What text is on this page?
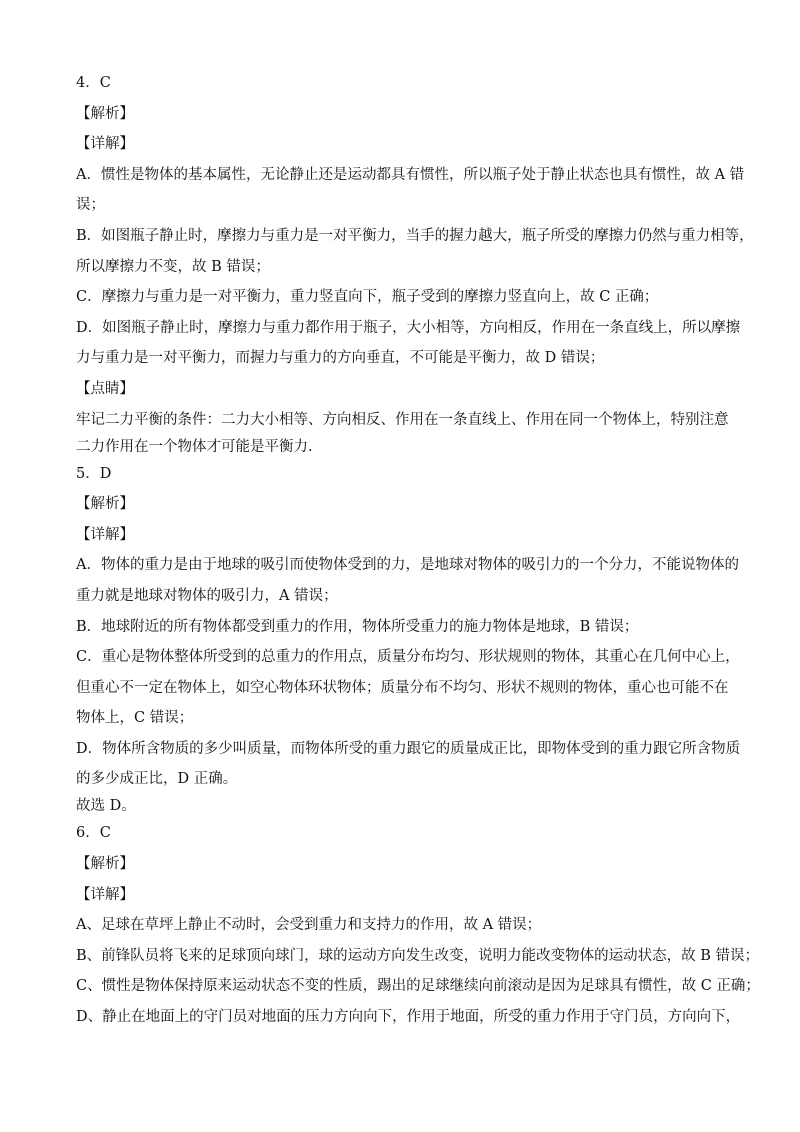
4．C
【解析】
【详解】
A．惯性是物体的基本属性，无论静止还是运动都具有惯性，所以瓶子处于静止状态也具有惯性，故 A 错
误；
B．如图瓶子静止时，摩擦力与重力是一对平衡力，当手的握力越大，瓶子所受的摩擦力仍然与重力相等，
所以摩擦力不变，故 B 错误；
C．摩擦力与重力是一对平衡力，重力竖直向下，瓶子受到的摩擦力竖直向上，故 C 正确；
D．如图瓶子静止时，摩擦力与重力都作用于瓶子，大小相等，方向相反，作用在一条直线上，所以摩擦
力与重力是一对平衡力，而握力与重力的方向垂直，不可能是平衡力，故 D 错误；
【点睛】
牢记二力平衡的条件：二力大小相等、方向相反、作用在一条直线上、作用在同一个物体上，特别注意
二力作用在一个物体才可能是平衡力.
5．D
【解析】
【详解】
A．物体的重力是由于地球的吸引而使物体受到的力，是地球对物体的吸引力的一个分力，不能说物体的
重力就是地球对物体的吸引力，A 错误；
B．地球附近的所有物体都受到重力的作用，物体所受重力的施力物体是地球，B 错误；
C．重心是物体整体所受到的总重力的作用点，质量分布均匀、形状规则的物体，其重心在几何中心上，
但重心不一定在物体上，如空心物体环状物体；质量分布不均匀、形状不规则的物体，重心也可能不在
物体上，C 错误；
D．物体所含物质的多少叫质量，而物体所受的重力跟它的质量成正比，即物体受到的重力跟它所含物质
的多少成正比，D 正确。
故选 D。
6．C
【解析】
【详解】
A、足球在草坪上静止不动时，会受到重力和支持力的作用，故 A 错误；
B、前锋队员将飞来的足球顶向球门，球的运动方向发生改变，说明力能改变物体的运动状态，故 B 错误；
C、惯性是物体保持原来运动状态不变的性质，踢出的足球继续向前滚动是因为足球具有惯性，故 C 正确；
D、静止在地面上的守门员对地面的压力方向向下，作用于地面，所受的重力作用于守门员，方向向下，
